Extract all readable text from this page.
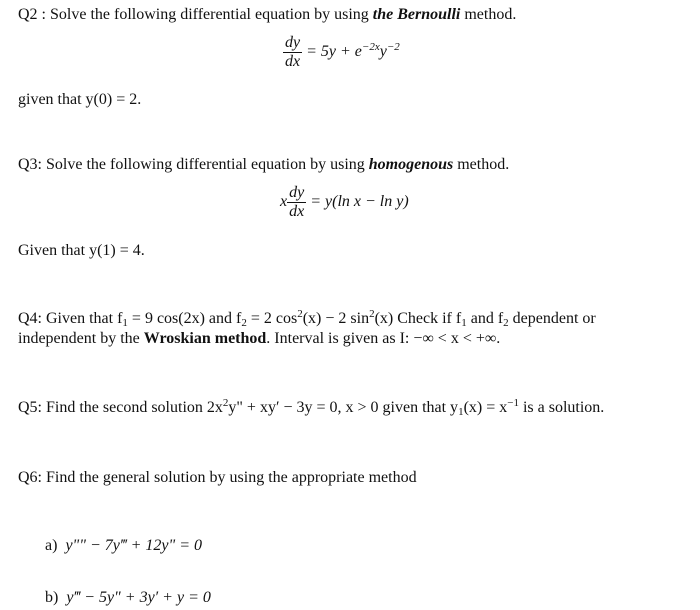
Q2 : Solve the following differential equation by using the Bernoulli method.
$\frac{dy}{dx} = 5y + e^{-2x}y^{-2}$
given that y(0) = 2.
Q3: Solve the following differential equation by using homogenous method.
x $\frac{dy}{dx} = y(\ln$ x − ln y)
Given that y(1) = 4.
Q4: Given that $f_1 = 9$ cos(2x) and $f_2 = 2$ $\cos^2(x) - 2$ $\sin^2(x)$ Check if $f_1$ and $f_2$ dependent or
independent by the Wroskian method. Interval is given as I: −∞ < x < +∞.
Q5: Find the second solution $2x^2y$" + xy′ − 3y = 0, x > 0 given that $y_1(x) = x^{-1}$ is a solution.
Q6: Find the general solution by using the appropriate method
a) y"" − 7y‴ + 12y" = 0
b) y‴ − 5y" + 3y′ + y = 0
